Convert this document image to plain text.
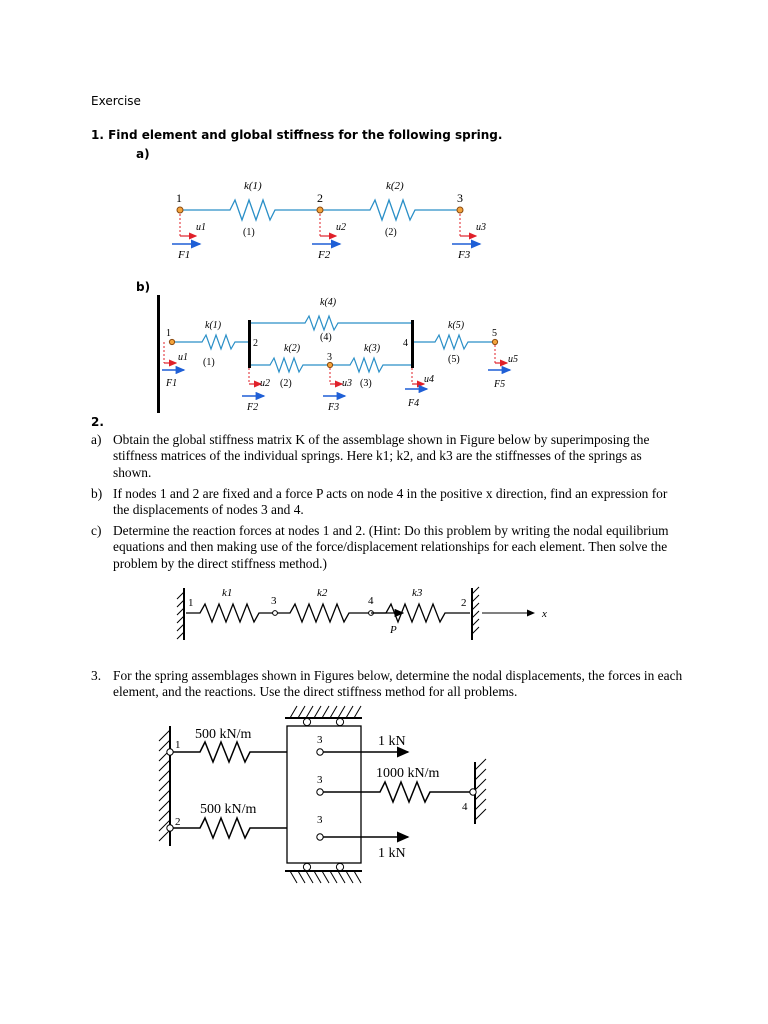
Exercise
1. Find element and global stiffness for the following spring.
a)
1	2	3
k(1)	k(2)
(1)	(2)
u1	u2	u3
F1	F2	F3
b)
1
2
3
4
5
k(1)
k(2)	k(3)
k(4)
k(5)
(1)
(2)	(3)
(4)
(5)
u1
u2	u3	u4
u5
F1
F2	F3	F4
F5
2.
a) Obtain the global stiffness matrix K of the assemblage shown in Figure below by superimposing the stiffness matrices of the individual springs. Here k1; k2, and k3 are the stiffnesses of the springs as shown.
b) If nodes 1 and 2 are fixed and a force P acts on node 4 in the positive x direction, find an expression for the displacements of nodes 3 and 4.
c) Determine the reaction forces at nodes 1 and 2. (Hint: Do this problem by writing the nodal equilibrium equations and then making use of the force/displacement relationships for each element. Then solve the problem by the direct stiffness method.)
1	3	4	2
k1	k2	k3
P
x
3. For the spring assemblages shown in Figures below, determine the nodal displacements, the forces in each element, and the reactions. Use the direct stiffness method for all problems.
500 kN/m
500 kN/m
1000 kN/m
1 kN
1 kN
1
2
3
3
3
4
